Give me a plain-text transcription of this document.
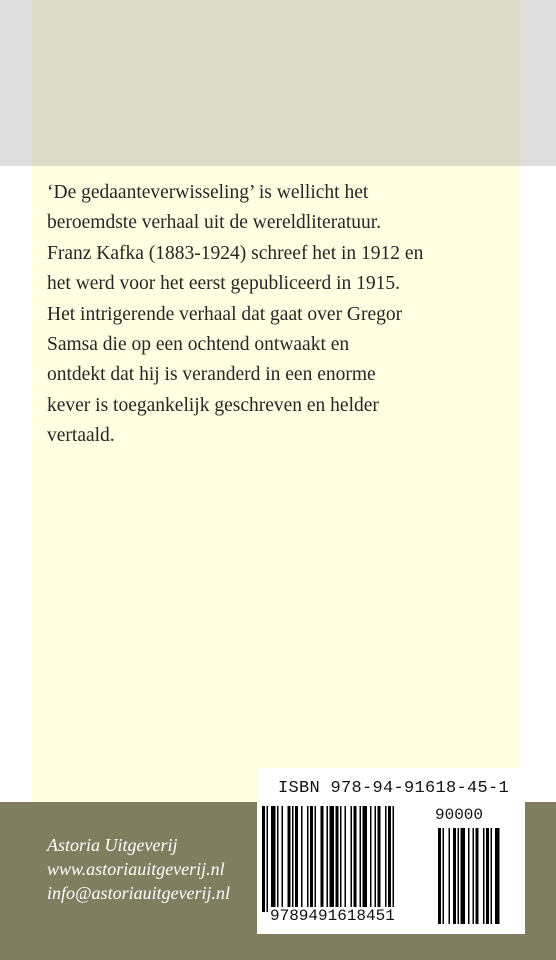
‘De gedaanteverwisseling’ is wellicht het
beroemdste verhaal uit de wereldliteratuur.
Franz Kafka (1883-1924) schreef het in 1912 en
het werd voor het eerst gepubliceerd in 1915.
Het intrigerende verhaal dat gaat over Gregor
Samsa die op een ochtend ontwaakt en
ontdekt dat hij is veranderd in een enorme
kever is toegankelijk geschreven en helder
vertaald.
Astoria Uitgeverij
www.astoriauitgeverij.nl
info@astoriauitgeverij.nl
ISBN 978-94-91618-45-1
90000
9789491618451
